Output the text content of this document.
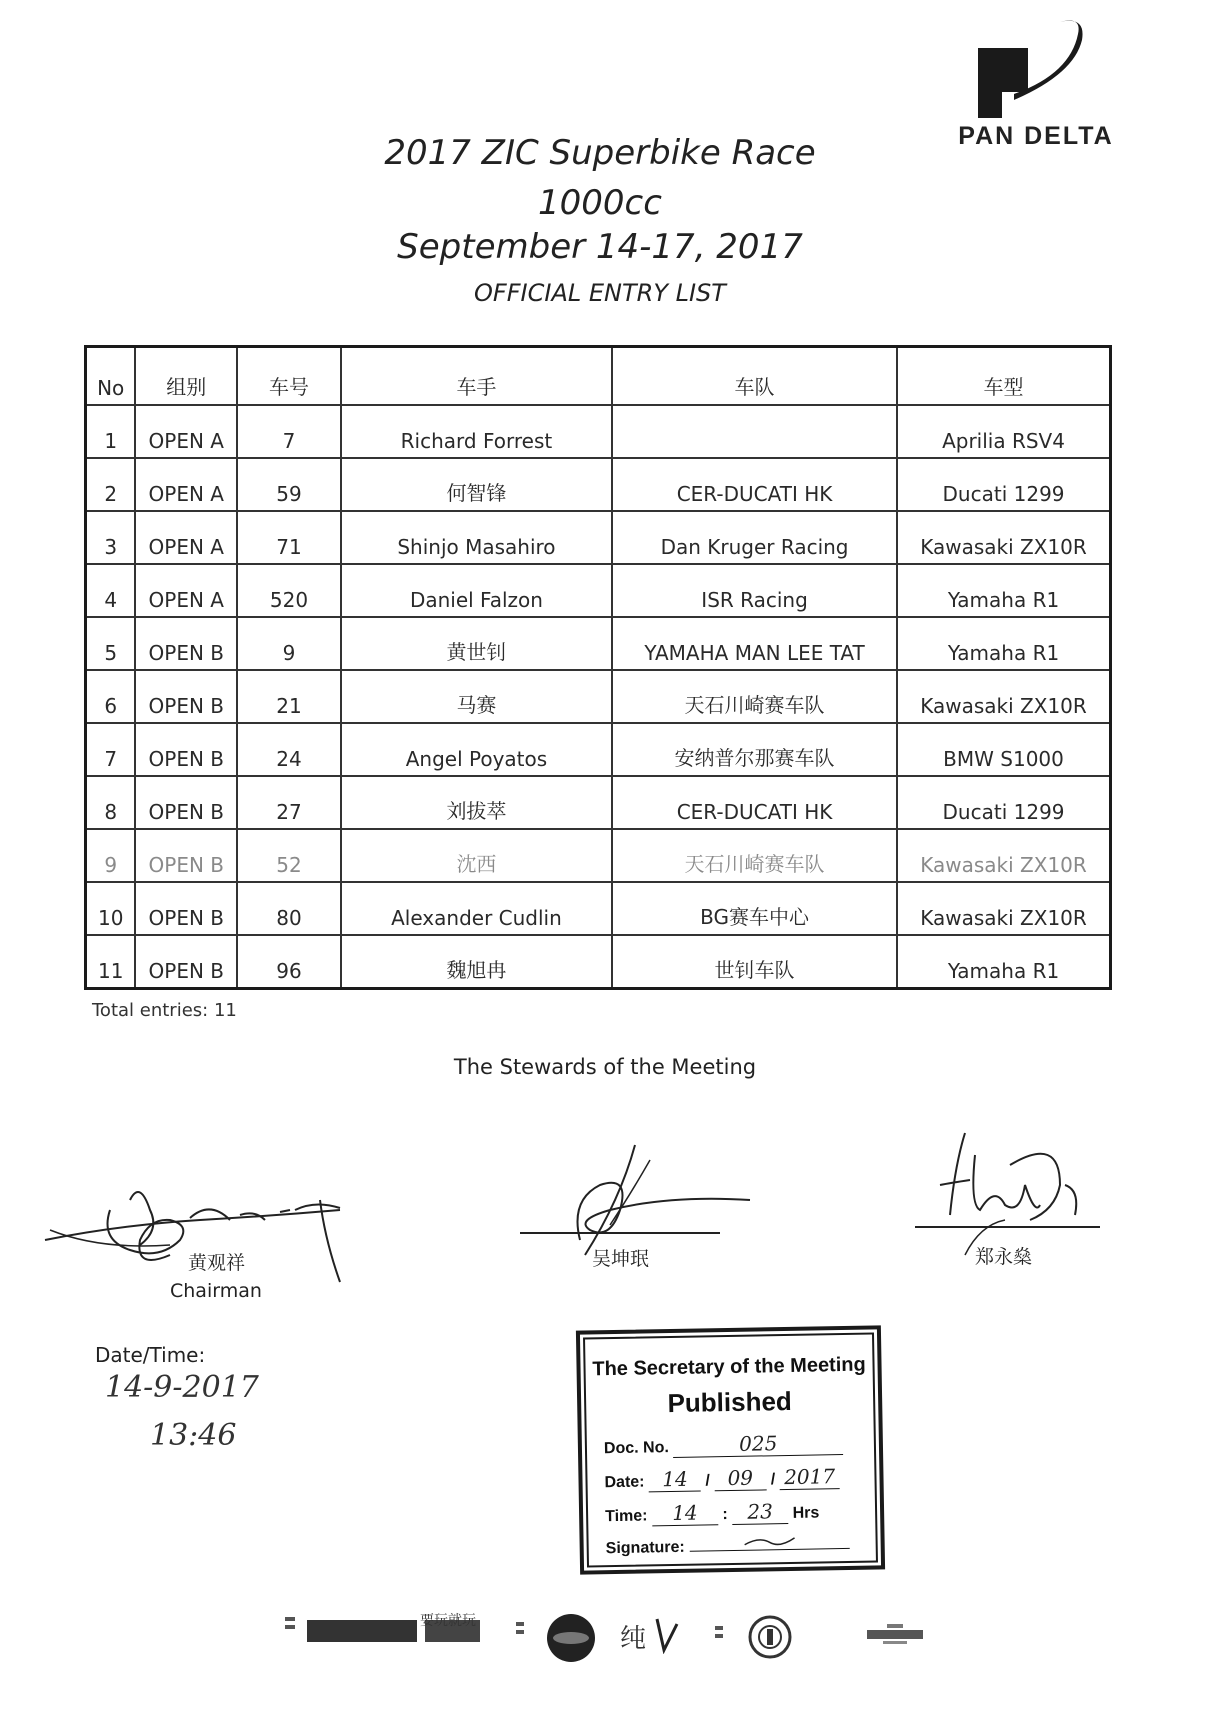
PAN DELTA
2017 ZIC Superbike Race
1000cc
September 14-17, 2017
OFFICIAL ENTRY LIST
No	组别	车号	车手	车队	车型
1	OPEN A	7	Richard Forrest		Aprilia RSV4
2	OPEN A	59	何智锋	CER-DUCATI HK	Ducati 1299
3	OPEN A	71	Shinjo Masahiro	Dan Kruger Racing	Kawasaki ZX10R
4	OPEN A	520	Daniel Falzon	ISR Racing	Yamaha R1
5	OPEN B	9	黄世钊	YAMAHA MAN LEE TAT	Yamaha R1
6	OPEN B	21	马赛	天石川崎赛车队	Kawasaki ZX10R
7	OPEN B	24	Angel Poyatos	安纳普尔那赛车队	BMW S1000
8	OPEN B	27	刘拔萃	CER-DUCATI HK	Ducati 1299
9	OPEN B	52	沈西	天石川崎赛车队	Kawasaki ZX10R
10	OPEN B	80	Alexander Cudlin	BG赛车中心	Kawasaki ZX10R
11	OPEN B	96	魏旭冉	世钊车队	Yamaha R1
Total entries: 11
The Stewards of the Meeting
黄观祥
Chairman
吴坤珉	郑永燊
Date/Time:
14-9-2017
13:46
The Secretary of the Meeting
Published
Doc. No.	025
Date: 14 / 09 / 2017
Time: 14 : 23 Hrs
Signature:
要玩就玩
纯
